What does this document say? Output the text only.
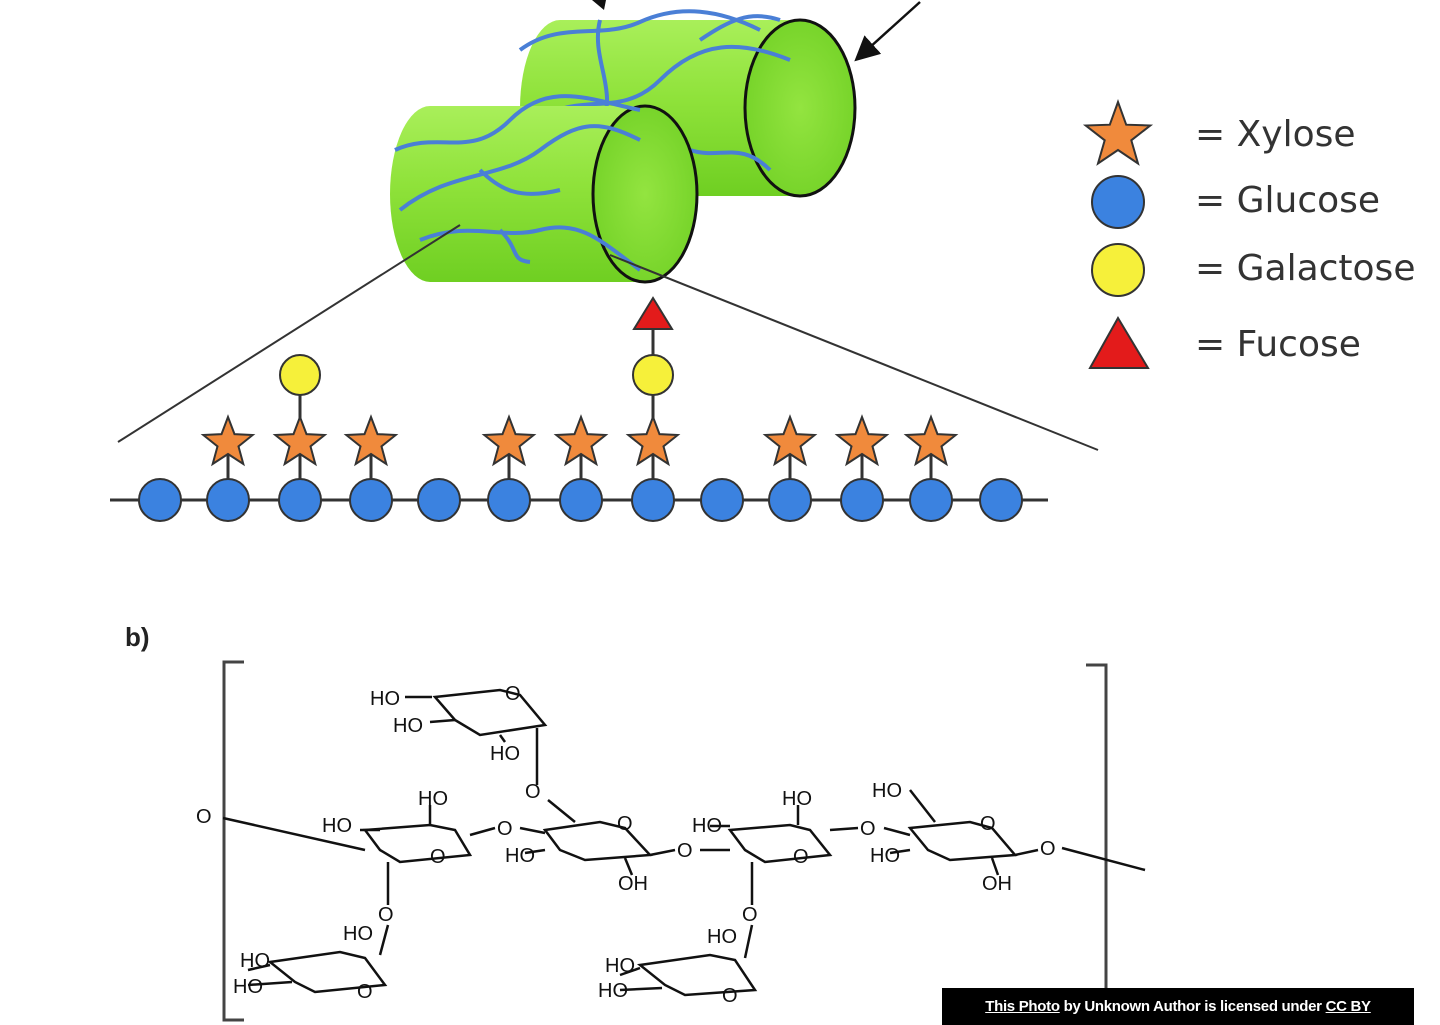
= Xylose
= Glucose
= Galactose
= Fucose
b)
HO	O
HO
HO
O
O
HO
HO
O
O	O
HO
OH
O
HO
HO
O
O
HO
O
HO
OH
O
O
HO
HO
HO	O
O
HO
HO
HO	O	This Photo by Unknown Author is licensed under CC BY
